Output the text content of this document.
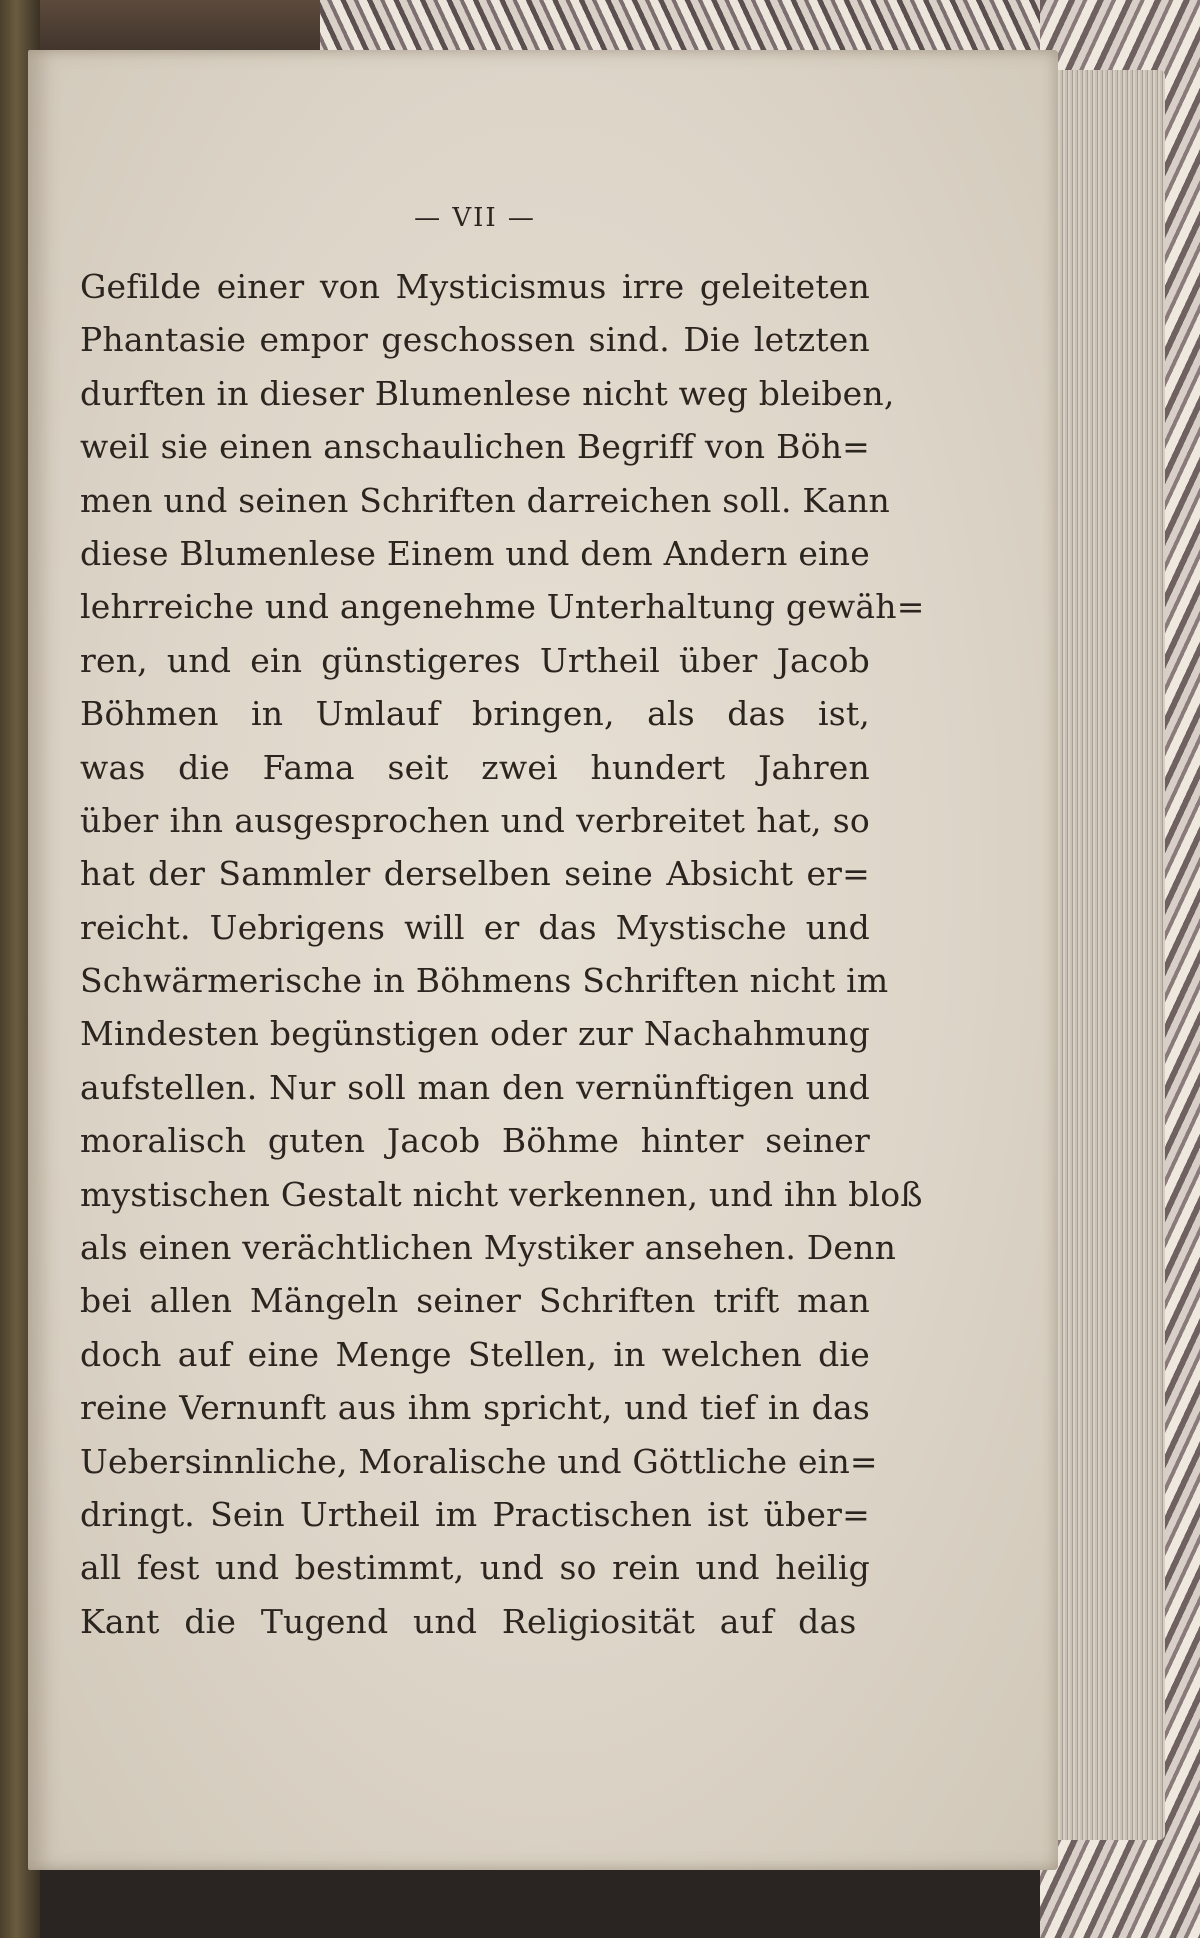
— VII —
Gefilde einer von Mysticismus irre geleiteten
Phantasie empor geschossen sind. Die letzten
durften in dieser Blumenlese nicht weg bleiben,
weil sie einen anschaulichen Begriff von Böh=
men und seinen Schriften darreichen soll. Kann
diese Blumenlese Einem und dem Andern eine
lehrreiche und angenehme Unterhaltung gewäh=
ren, und ein günstigeres Urtheil über Jacob
Böhmen in Umlauf bringen, als das ist,
was die Fama seit zwei hundert Jahren
über ihn ausgesprochen und verbreitet hat, so
hat der Sammler derselben seine Absicht er=
reicht. Uebrigens will er das Mystische und
Schwärmerische in Böhmens Schriften nicht im
Mindesten begünstigen oder zur Nachahmung
aufstellen. Nur soll man den vernünftigen und
moralisch guten Jacob Böhme hinter seiner
mystischen Gestalt nicht verkennen, und ihn bloß
als einen verächtlichen Mystiker ansehen. Denn
bei allen Mängeln seiner Schriften trift man
doch auf eine Menge Stellen, in welchen die
reine Vernunft aus ihm spricht, und tief in das
Uebersinnliche, Moralische und Göttliche ein=
dringt. Sein Urtheil im Practischen ist über=
all fest und bestimmt, und so rein und heilig
Kant die Tugend und Religiosität auf das
